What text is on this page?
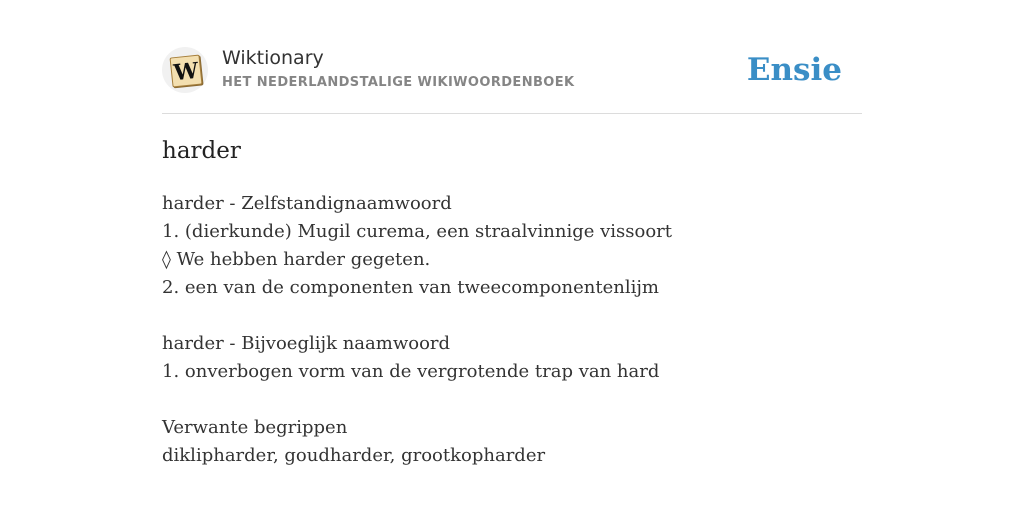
W Wiktionary
HET NEDERLANDSTALIGE WIKIWOORDENBOEK	Ensie
harder
harder - Zelfstandignaamwoord
1. (dierkunde) Mugil curema, een straalvinnige vissoort
◊ We hebben harder gegeten.
2. een van de componenten van tweecomponentenlijm
harder - Bijvoeglijk naamwoord
1. onverbogen vorm van de vergrotende trap van hard
Verwante begrippen
diklipharder, goudharder, grootkopharder
